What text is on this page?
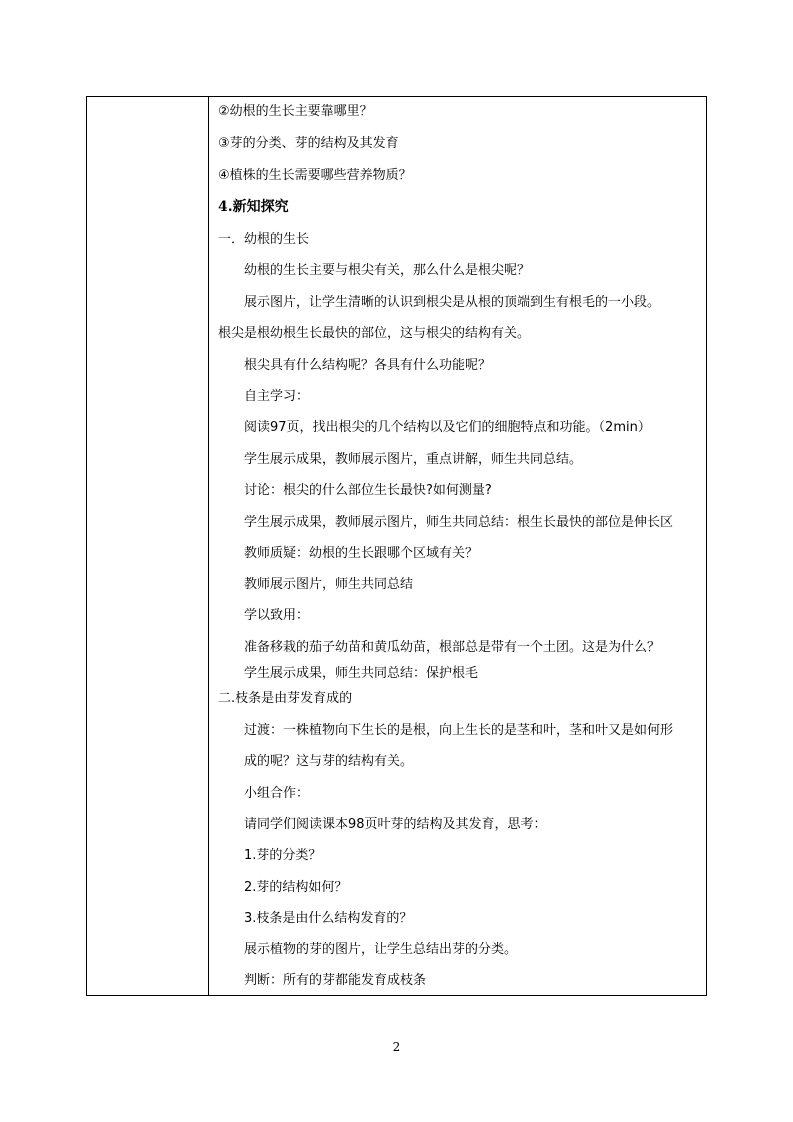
②幼根的生长主要靠哪里？
③芽的分类、芽的结构及其发育
④植株的生长需要哪些营养物质？
4.新知探究
一．幼根的生长
幼根的生长主要与根尖有关，那么什么是根尖呢？
展示图片，让学生清晰的认识到根尖是从根的顶端到生有根毛的一小段。
根尖是根幼根生长最快的部位，这与根尖的结构有关。
根尖具有什么结构呢？各具有什么功能呢？
自主学习：
阅读97页，找出根尖的几个结构以及它们的细胞特点和功能。（2min）
学生展示成果，教师展示图片，重点讲解，师生共同总结。
讨论：根尖的什么部位生长最快?如何测量?
学生展示成果，教师展示图片，师生共同总结：根生长最快的部位是伸长区
教师质疑：幼根的生长跟哪个区域有关？
教师展示图片，师生共同总结
学以致用：
准备移栽的茄子幼苗和黄瓜幼苗，根部总是带有一个土团。这是为什么？
学生展示成果，师生共同总结：保护根毛
二.枝条是由芽发育成的
过渡：一株植物向下生长的是根，向上生长的是茎和叶，茎和叶又是如何形
成的呢？这与芽的结构有关。
小组合作：
请同学们阅读课本98页叶芽的结构及其发育，思考：
1.芽的分类？
2.芽的结构如何？
3.枝条是由什么结构发育的？
展示植物的芽的图片，让学生总结出芽的分类。
判断：所有的芽都能发育成枝条
2
